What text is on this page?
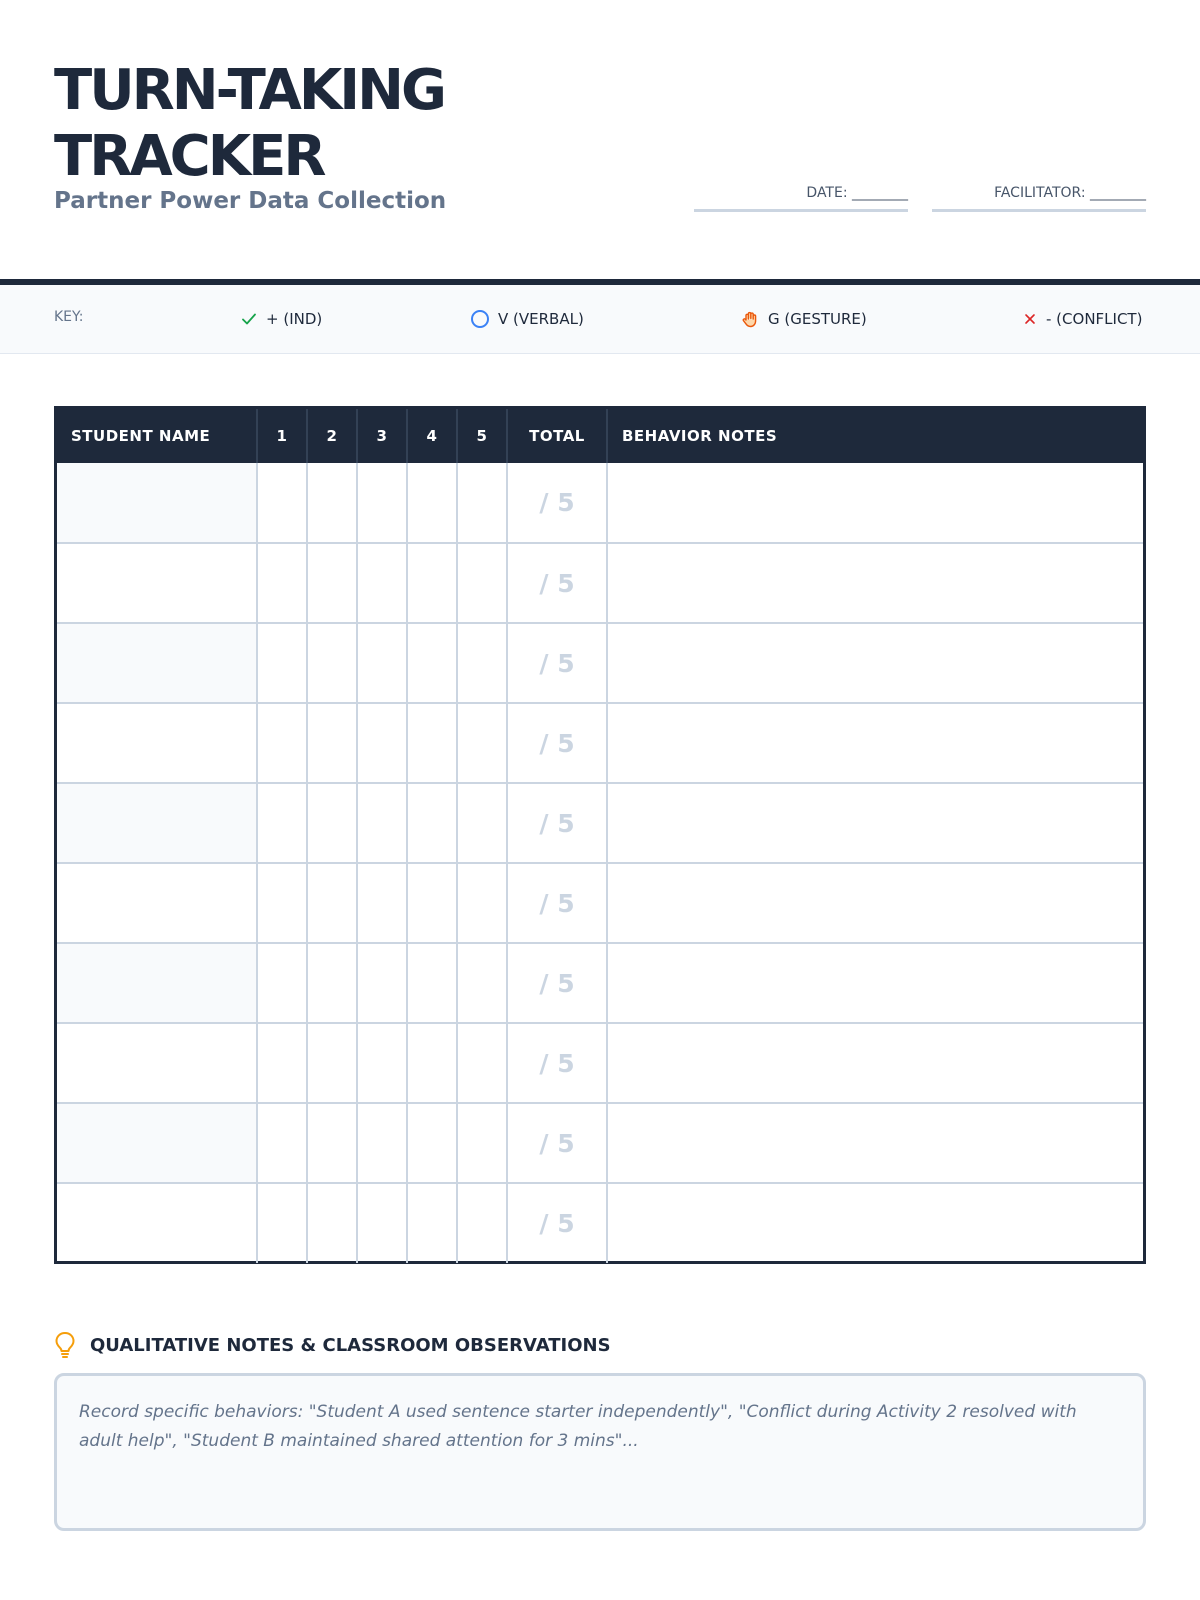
TURN-TAKING
TRACKER
Partner Power Data Collection	DATE: ________	FACILITATOR: ________
KEY:	+ (IND)	V (VERBAL)	G (GESTURE)	- (CONFLICT)
STUDENT NAME	1	2	3	4	5	TOTAL	BEHAVIOR NOTES
						/ 5	
						/ 5	
						/ 5	
						/ 5	
						/ 5	
						/ 5	
						/ 5	
						/ 5	
						/ 5	
						/ 5	
QUALITATIVE NOTES & CLASSROOM OBSERVATIONS
Record specific behaviors: "Student A used sentence starter independently", "Conflict during Activity 2 resolved with adult help", "Student B maintained shared attention for 3 mins"...
